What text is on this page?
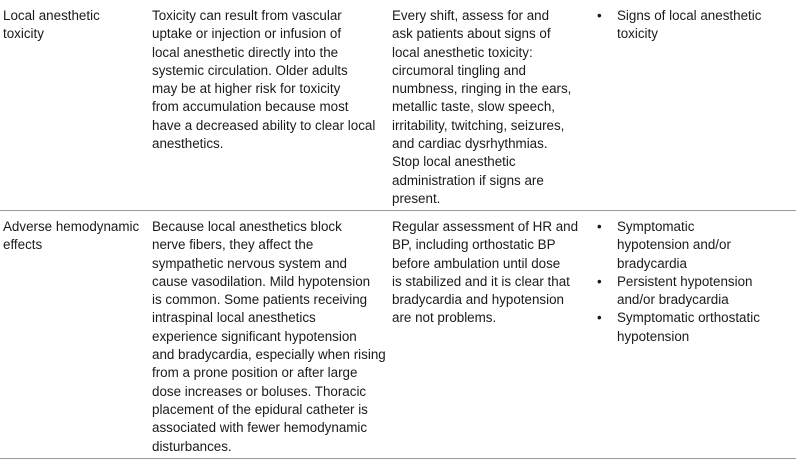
Local anesthetic
toxicity
Toxicity can result from vascular
uptake or injection or infusion of
local anesthetic directly into the
systemic circulation. Older adults
may be at higher risk for toxicity
from accumulation because most
have a decreased ability to clear local
anesthetics.
Every shift, assess for and
ask patients about signs of
local anesthetic toxicity:
circumoral tingling and
numbness, ringing in the ears,
metallic taste, slow speech,
irritability, twitching, seizures,
and cardiac dysrhythmias.
Stop local anesthetic
administration if signs are
present.
• Signs of local anesthetic
toxicity
Adverse hemodynamic
effects
Because local anesthetics block
nerve fibers, they affect the
sympathetic nervous system and
cause vasodilation. Mild hypotension
is common. Some patients receiving
intraspinal local anesthetics
experience significant hypotension
and bradycardia, especially when rising
from a prone position or after large
dose increases or boluses. Thoracic
placement of the epidural catheter is
associated with fewer hemodynamic
disturbances.
Regular assessment of HR and
BP, including orthostatic BP
before ambulation until dose
is stabilized and it is clear that
bradycardia and hypotension
are not problems.
• Symptomatic
hypotension and/or
bradycardia
• Persistent hypotension
and/or bradycardia
• Symptomatic orthostatic
hypotension
